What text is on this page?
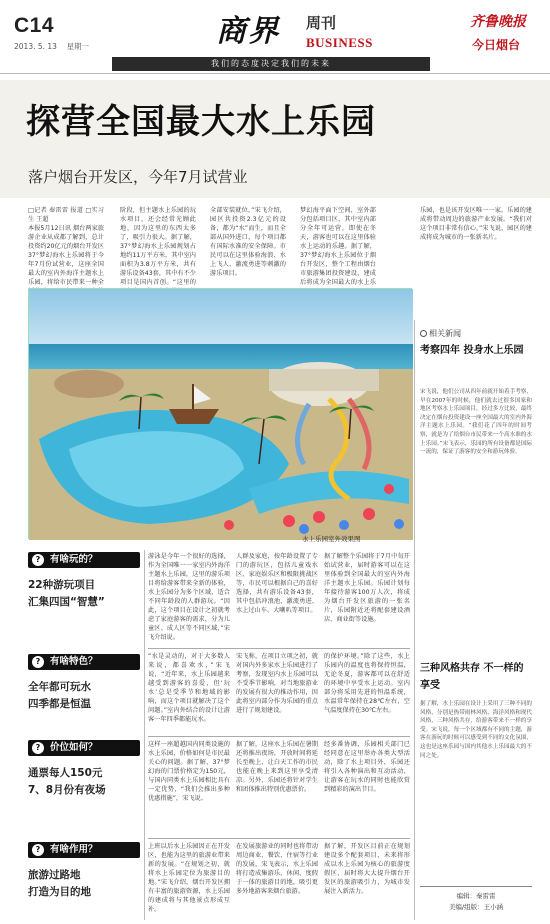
C14
2013. 5. 13 星期一	商界 周刊
BUSINESS
我们的态度决定我们的未来
齐鲁晚报
今日烟台
探营全国最大水上乐园
落户烟台开发区，今年7月试营业
□记者 秦雷雷 报道 □实习生 王超
本报5月12日讯 烟台两家旅游企业从成都了解到，总计投资约20亿元的烟台开发区37°梦幻海水上乐园将于今年7月份试营业，这座全国最大的室内外海洋主题水上乐园，将给市民带来一种全
阶段，但主题水上乐园的玩水项目，还会经常光顾此地，因为这里的东西太多了，吸引力很大。据了解，37°梦幻海水上乐园规划占地约11万平方米，其中室内面积为3.8万平方米，共有游乐设备43套，其中有不少项目是国内首创。“这里的
全部安装就位，”宋飞介绍，园区共投资2.3亿元的设备，都为“水”而生，而且全部从国外进口，每个项目都有国际水准的安全保障。市民可以在这里体验海浪、水上飞人、激流勇进等刺激的游乐项目。
梦幻海平面下空间，室外部分包括项目区，其中室内部分全年可运营，即使在冬天，游客也可以在这里体验水上运动的乐趣。据了解，37°梦幻海水上乐园位于烟台开发区，整个工程由烟台市旅游集团投资建设，建成后将成为全国最大的水上乐
乐园，也是该开发区唯一一家。乐园的建成将带动周边的旅游产业发展。“我们对这个项目非常有信心，”宋飞说，园区的建成将成为城市的一张新名片。
水上乐园室外效果图
相关新闻
考察四年 投身水上乐园
宋飞说，他们公司从四年前就开始着手考察，早在2007年的时候，他们就去过很多国家和地区考察水上乐园项目，经过多方比较，最终决定在烟台投资建设一座全国最大的室内外海洋主题水上乐园。“我们花了四年的时间考察，就是为了给烟台市民带来一个高水准的水上乐园。”宋飞表示，乐园的所有设备都是国际一流的，保证了游客的安全和游玩体验。
三种风格共存 不一样的享受
据了解，水上乐园在设计上采用了三种不同的风格，分别是热带雨林风格、海洋风格和现代风格，三种风格共存，给游客带来不一样的享受。宋飞说，每一个区域都有不同的主题，游客在游玩的时候可以感受到不同的文化氛围，这也是这座乐园与国内其他水上乐园最大的不同之处。
?	有啥玩的？
22种游玩项目
汇集四国“智慧”
?	有啥特色？
全年都可玩水
四季都是恒温
?	价位如何？
通票每人150元
7、8月份有夜场
?	有啥作用？
旅游过路地
打造为目的地
游泳是今年一个很好的选择，作为全国唯一一家室内外海洋主题水上乐园，这里的游乐项目将给游客带来全新的体验，水上乐园分为多个区域，适合不同年龄段的人群游玩。“因此，这个项目在设计之初就考虑了家庭游客的需求，分为儿童区、成人区等不同区域，”宋飞介绍说。
人群及家庭，按年龄设置了专门的游玩区，包括儿童戏水区、家庭娱乐区和极限挑战区等，市民可以根据自己的喜好选择，共有游乐设备43套，其中包括冲浪池、激流勇进、水上过山车、大喇叭等项目。
据了解整个乐园将于7月中旬开始试营业，届时游客可以在这里体验到全国最大的室内外海洋主题水上乐园。乐园计划每年接待游客100万人次，将成为烟台开发区旅游的一张名片，乐园附近还将配套建设酒店、商业街等设施。
“水是灵动的，对于大多数人来说，都喜欢水，”宋飞说，“近年来，水上乐园越来越受到游客的喜爱，但‘玩水’总是受季节和地域的影响，而这个项目就解决了这个问题。”室内外结合的设计让游客一年四季都能玩水。
宋飞称，在项目立项之初，就对国内外多家水上乐园进行了考察，发现室内水上乐园可以不受季节影响，对当地旅游业的发展有很大的推动作用，因此将室内部分作为乐园的重点进行了规划建设。
的保护环境。”除了这些，水上乐园内的温度也将保持恒温，无论冬夏，游客都可以在舒适的环境中享受水上运动。室内部分将采用先进的恒温系统，水温常年保持在28℃左右，空气温度保持在30℃左右。
这样一座超越国内同类设施的水上乐园，价格如何是市民最关心的问题。据了解，37°梦幻海的门票价格定为150元，与国内同类水上乐园相比具有一定优势，“我们会推出多种优惠措施”，宋飞说。
据了解，这座水上乐园在暑期还将推出夜场，开放时间将延长至晚上，让白天工作的市民也能在晚上来到这里享受清凉。另外，乐园还将针对学生和团体推出特别优惠票价。
经多番协调，乐园相关部门已经同意在这里举办各类大型活动，除了水上项目外，乐园还将引入各种演出和互动活动，让游客在玩水的同时也能欣赏到精彩的演出节目。
上班以后水上乐园因正在开发区，也能为这里的旅游业带来新的发展。“在规划之初，就将水上乐园定位为旅游目的地。”宋飞介绍，烟台开发区拥有丰富的旅游资源，水上乐园的建成将与其他景点形成互补。
在发展旅游业的同时也将带动周边商业、餐饮、住宿等行业的发展，宋飞表示，水上乐园将打造成集游乐、休闲、度假于一体的旅游目的地，吸引更多外地游客来烟台旅游。
据了解，开发区目前正在规划建设多个配套项目，未来将形成以水上乐园为核心的旅游度假区，届时将大大提升烟台开发区的旅游吸引力，为城市发展注入新活力。
编辑：秦雷雷
美编/组版：王小涵
